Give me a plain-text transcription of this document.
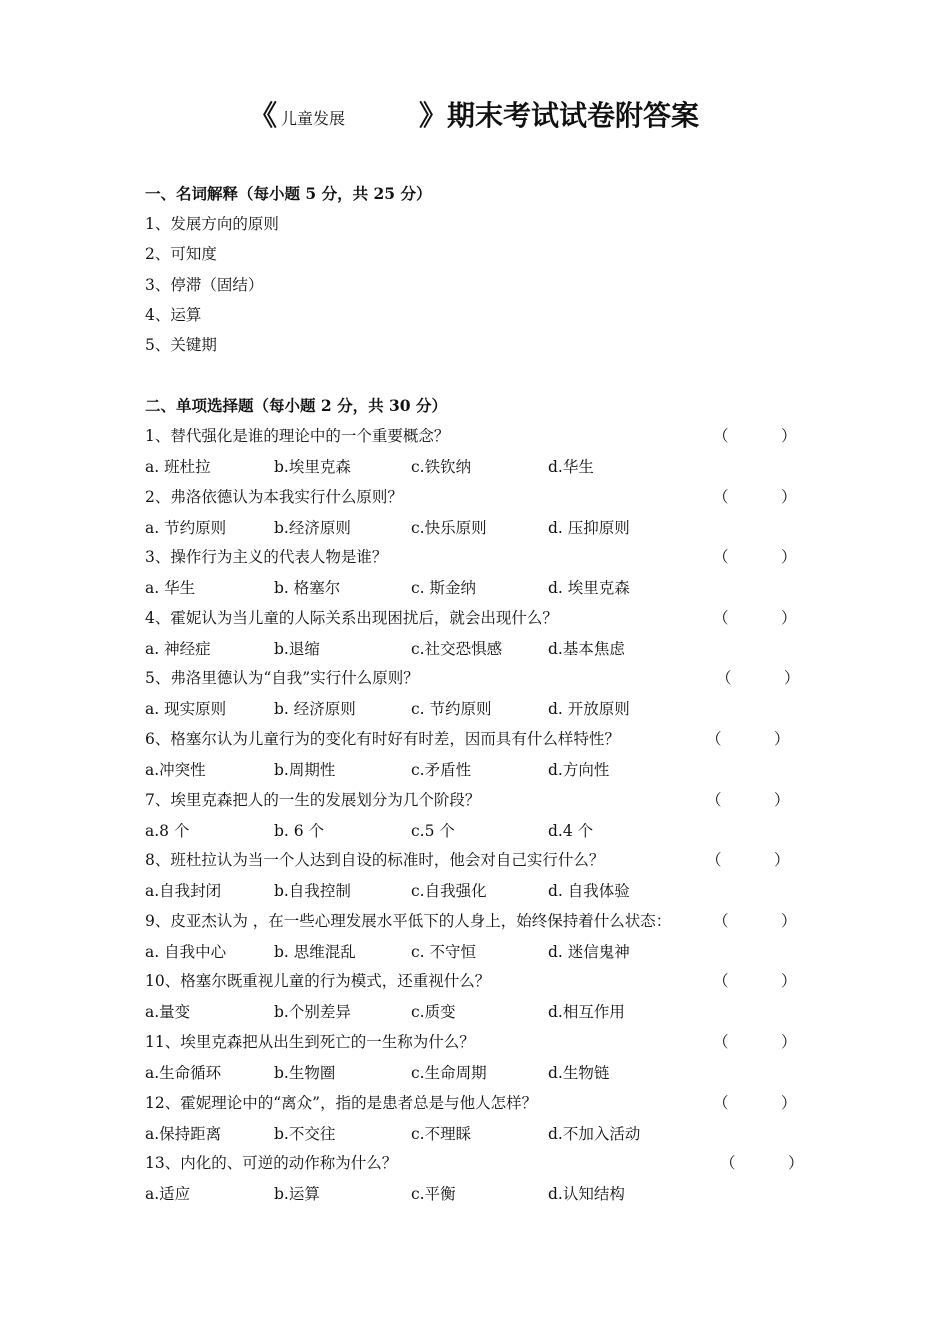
《 儿童发展	》期末考试试卷附答案
一、名词解释（每小题 5 分，共 25 分）
1、发展方向的原则
2、可知度
3、停滞（固结）
4、运算
5、关键期
二、单项选择题（每小题 2 分，共 30 分）
1、替代强化是谁的理论中的一个重要概念？	（	）
a. 班杜拉	b.埃里克森	c.铁钦纳	d.华生
2、弗洛依德认为本我实行什么原则？	（	）
a. 节约原则	b.经济原则	c.快乐原则	d. 压抑原则
3、操作行为主义的代表人物是谁？	（	）
a. 华生	b. 格塞尔	c. 斯金纳	d. 埃里克森
4、霍妮认为当儿童的人际关系出现困扰后，就会出现什么？	（	）
a. 神经症	b.退缩	c.社交恐惧感	d.基本焦虑
5、弗洛里德认为“自我”实行什么原则？	（	）
a. 现实原则	b. 经济原则	c. 节约原则	d. 开放原则
6、格塞尔认为儿童行为的变化有时好有时差，因而具有什么样特性？	（	）
a.冲突性	b.周期性	c.矛盾性	d.方向性
7、埃里克森把人的一生的发展划分为几个阶段？	（	）
a.8 个	b. 6 个	c.5 个	d.4 个
8、班杜拉认为当一个人达到自设的标准时，他会对自己实行什么？	（	）
a.自我封闭	b.自我控制	c.自我强化	d. 自我体验
9、皮亚杰认为 ，在一些心理发展水平低下的人身上，始终保持着什么状态：	（	）
a. 自我中心	b. 思维混乱	c. 不守恒	d. 迷信鬼神
10、格塞尔既重视儿童的行为模式，还重视什么？	（	）
a.量变	b.个别差异	c.质变	d.相互作用
11、埃里克森把从出生到死亡的一生称为什么？	（	）
a.生命循环	b.生物圈	c.生命周期	d.生物链
12、霍妮理论中的“离众”，指的是患者总是与他人怎样？	（	）
a.保持距离	b.不交往	c.不理睬	d.不加入活动
13、内化的、可逆的动作称为什么？	（	）
a.适应	b.运算	c.平衡	d.认知结构
